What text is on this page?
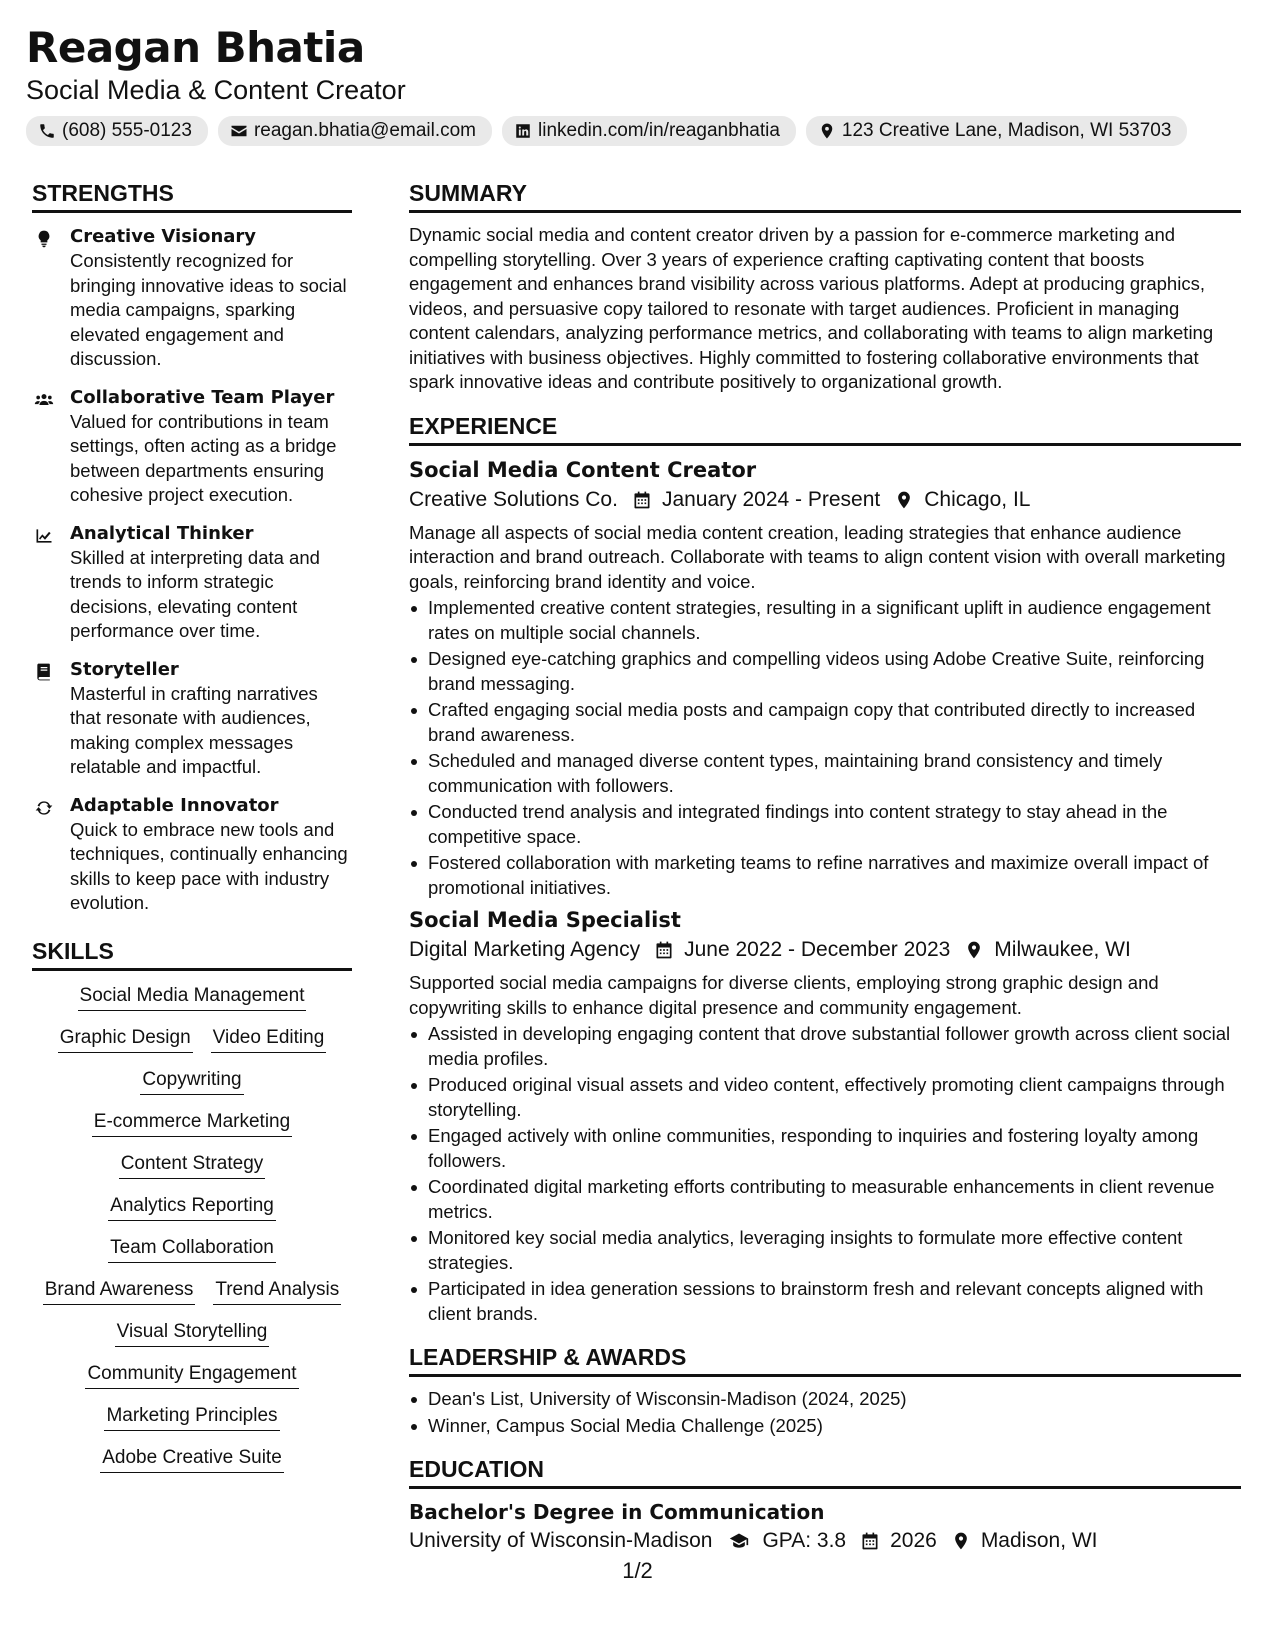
Reagan Bhatia
Social Media & Content Creator
(608) 555-0123	reagan.bhatia@email.com	linkedin.com/in/reaganbhatia	123 Creative Lane, Madison, WI 53703
STRENGTHS
Creative Visionary
Consistently recognized for bringing innovative ideas to social media campaigns, sparking elevated engagement and discussion.
Collaborative Team Player
Valued for contributions in team settings, often acting as a bridge between departments ensuring cohesive project execution.
Analytical Thinker
Skilled at interpreting data and trends to inform strategic decisions, elevating content performance over time.
Storyteller
Masterful in crafting narratives that resonate with audiences, making complex messages relatable and impactful.
Adaptable Innovator
Quick to embrace new tools and techniques, continually enhancing skills to keep pace with industry evolution.
SKILLS
Social Media Management
Graphic Design Video Editing
Copywriting
E-commerce Marketing
Content Strategy
Analytics Reporting
Team Collaboration
Brand Awareness Trend Analysis
Visual Storytelling
Community Engagement
Marketing Principles
Adobe Creative Suite
SUMMARY
Dynamic social media and content creator driven by a passion for e-commerce marketing and compelling storytelling. Over 3 years of experience crafting captivating content that boosts engagement and enhances brand visibility across various platforms. Adept at producing graphics, videos, and persuasive copy tailored to resonate with target audiences. Proficient in managing content calendars, analyzing performance metrics, and collaborating with teams to align marketing initiatives with business objectives. Highly committed to fostering collaborative environments that spark innovative ideas and contribute positively to organizational growth.
EXPERIENCE
Social Media Content Creator
Creative Solutions Co. January 2024 - Present Chicago, IL
Manage all aspects of social media content creation, leading strategies that enhance audience interaction and brand outreach. Collaborate with teams to align content vision with overall marketing goals, reinforcing brand identity and voice.
Implemented creative content strategies, resulting in a significant uplift in audience engagement rates on multiple social channels.
Designed eye-catching graphics and compelling videos using Adobe Creative Suite, reinforcing brand messaging.
Crafted engaging social media posts and campaign copy that contributed directly to increased brand awareness.
Scheduled and managed diverse content types, maintaining brand consistency and timely communication with followers.
Conducted trend analysis and integrated findings into content strategy to stay ahead in the competitive space.
Fostered collaboration with marketing teams to refine narratives and maximize overall impact of promotional initiatives.
Social Media Specialist
Digital Marketing Agency June 2022 - December 2023 Milwaukee, WI
Supported social media campaigns for diverse clients, employing strong graphic design and copywriting skills to enhance digital presence and community engagement.
Assisted in developing engaging content that drove substantial follower growth across client social media profiles.
Produced original visual assets and video content, effectively promoting client campaigns through storytelling.
Engaged actively with online communities, responding to inquiries and fostering loyalty among followers.
Coordinated digital marketing efforts contributing to measurable enhancements in client revenue metrics.
Monitored key social media analytics, leveraging insights to formulate more effective content strategies.
Participated in idea generation sessions to brainstorm fresh and relevant concepts aligned with client brands.
LEADERSHIP & AWARDS
Dean's List, University of Wisconsin-Madison (2024, 2025)
Winner, Campus Social Media Challenge (2025)
EDUCATION
Bachelor's Degree in Communication
University of Wisconsin-Madison GPA: 3.8 2026 Madison, WI
1/2
